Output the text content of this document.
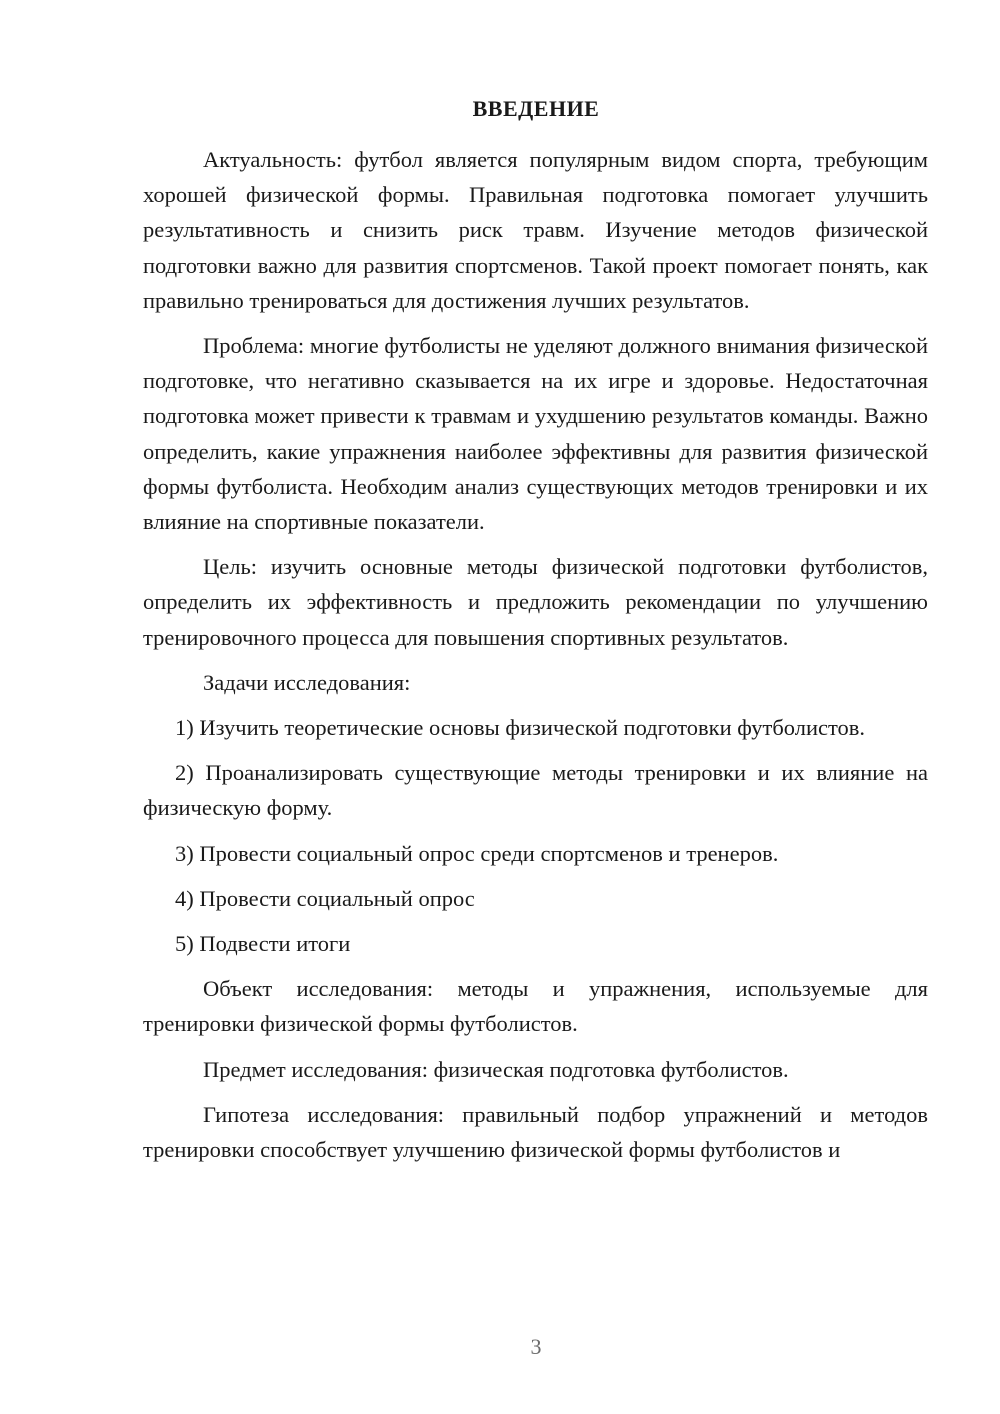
ВВЕДЕНИЕ

Актуальность: футбол является популярным видом спорта, требующим хорошей физической формы. Правильная подготовка помогает улучшить результативность и снизить риск травм. Изучение методов физической подготовки важно для развития спортсменов. Такой проект помогает понять, как правильно тренироваться для достижения лучших результатов.

Проблема: многие футболисты не уделяют должного внимания физической подготовке, что негативно сказывается на их игре и здоровье. Недостаточная подготовка может привести к травмам и ухудшению результатов команды. Важно определить, какие упражнения наиболее эффективны для развития физической формы футболиста. Необходим анализ существующих методов тренировки и их влияние на спортивные показатели.

Цель: изучить основные методы физической подготовки футболистов, определить их эффективность и предложить рекомендации по улучшению тренировочного процесса для повышения спортивных результатов.

Задачи исследования:

1) Изучить теоретические основы физической подготовки футболистов.

2) Проанализировать существующие методы тренировки и их влияние на физическую форму.

3) Провести социальный опрос среди спортсменов и тренеров.

4) Провести социальный опрос

5) Подвести итоги

Объект исследования: методы и упражнения, используемые для тренировки физической формы футболистов.

Предмет исследования: физическая подготовка футболистов.

Гипотеза исследования: правильный подбор упражнений и методов тренировки способствует улучшению физической формы футболистов и

3
